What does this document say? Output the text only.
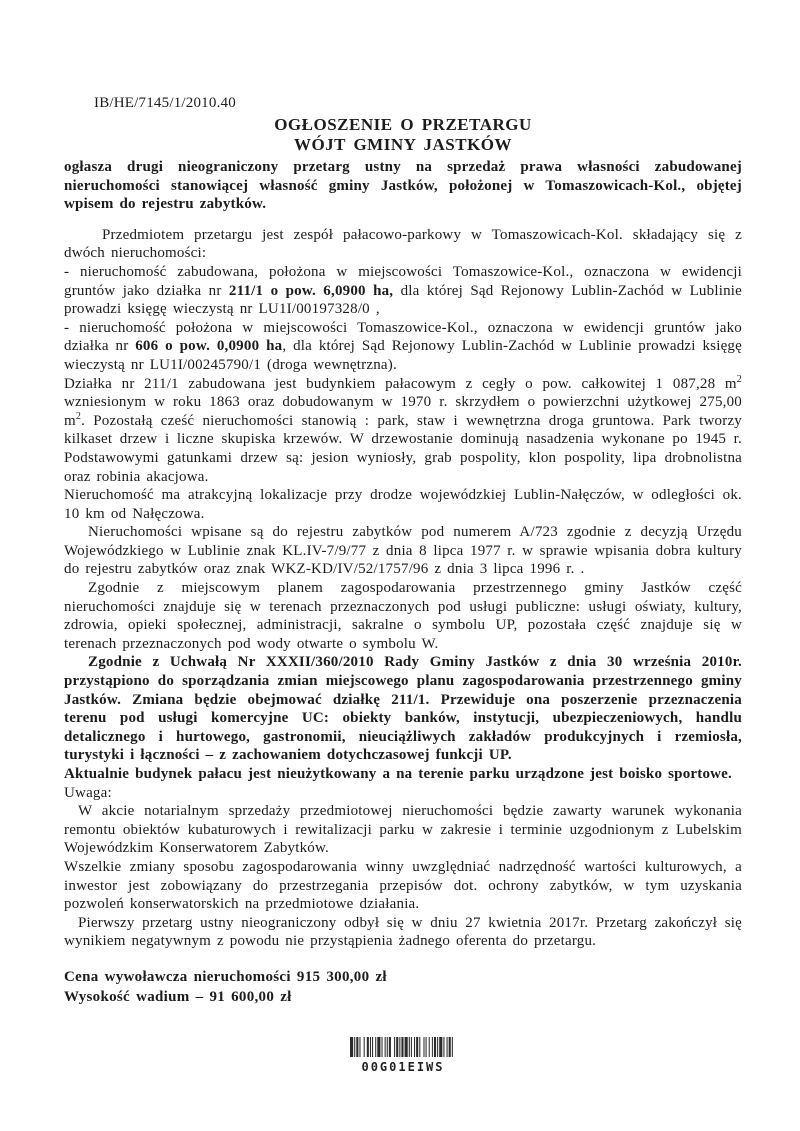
IB/HE/7145/1/2010.40
OGŁOSZENIE O PRZETARGU
WÓJT GMINY JASTKÓW

ogłasza drugi nieograniczony przetarg ustny na sprzedaż prawa własności zabudowanej nieruchomości stanowiącej własność gminy Jastków, położonej w Tomaszowicach-Kol., objętej wpisem do rejestru zabytków.

Przedmiotem przetargu jest zespół pałacowo-parkowy w Tomaszowicach-Kol. składający się z dwóch nieruchomości:

- nieruchomość zabudowana, położona w miejscowości Tomaszowice-Kol., oznaczona w ewidencji gruntów jako działka nr 211/1 o pow. 6,0900 ha, dla której Sąd Rejonowy Lublin-Zachód w Lublinie prowadzi księgę wieczystą nr LU1I/00197328/0 ,

- nieruchomość położona w miejscowości Tomaszowice-Kol., oznaczona w ewidencji gruntów jako działka nr 606 o pow. 0,0900 ha, dla której Sąd Rejonowy Lublin-Zachód w Lublinie prowadzi księgę wieczystą nr LU1I/00245790/1 (droga wewnętrzna).

Działka nr 211/1 zabudowana jest budynkiem pałacowym z cegły o pow. całkowitej 1 087,28 $m^2$ wzniesionym w roku 1863 oraz dobudowanym w 1970 r. skrzydłem o powierzchni użytkowej 275,00 $m^2$. Pozostałą cześć nieruchomości stanowią : park, staw i wewnętrzna droga gruntowa. Park tworzy kilkaset drzew i liczne skupiska krzewów. W drzewostanie dominują nasadzenia wykonane po 1945 r. Podstawowymi gatunkami drzew są: jesion wyniosły, grab pospolity, klon pospolity, lipa drobnolistna oraz robinia akacjowa.

Nieruchomość ma atrakcyjną lokalizacje przy drodze wojewódzkiej Lublin-Nałęczów, w odległości ok. 10 km od Nałęczowa.

Nieruchomości wpisane są do rejestru zabytków pod numerem A/723 zgodnie z decyzją Urzędu Wojewódzkiego w Lublinie znak KL.IV-7/9/77 z dnia 8 lipca 1977 r. w sprawie wpisania dobra kultury do rejestru zabytków oraz znak WKZ-KD/IV/52/1757/96 z dnia 3 lipca 1996 r. .

Zgodnie z miejscowym planem zagospodarowania przestrzennego gminy Jastków część nieruchomości znajduje się w terenach przeznaczonych pod usługi publiczne: usługi oświaty, kultury, zdrowia, opieki społecznej, administracji, sakralne o symbolu UP, pozostała część znajduje się w terenach przeznaczonych pod wody otwarte o symbolu W.

Zgodnie z Uchwałą Nr XXXII/360/2010 Rady Gminy Jastków z dnia 30 września 2010r. przystąpiono do sporządzania zmian miejscowego planu zagospodarowania przestrzennego gminy Jastków. Zmiana będzie obejmować działkę 211/1. Przewiduje ona poszerzenie przeznaczenia terenu pod usługi komercyjne UC: obiekty banków, instytucji, ubezpieczeniowych, handlu detalicznego i hurtowego, gastronomii, nieuciążliwych zakładów produkcyjnych i rzemiosła, turystyki i łączności – z zachowaniem dotychczasowej funkcji UP.

Aktualnie budynek pałacu jest nieużytkowany a na terenie parku urządzone jest boisko sportowe.

Uwaga:

W akcie notarialnym sprzedaży przedmiotowej nieruchomości będzie zawarty warunek wykonania remontu obiektów kubaturowych i rewitalizacji parku w zakresie i terminie uzgodnionym z Lubelskim Wojewódzkim Konserwatorem Zabytków.

Wszelkie zmiany sposobu zagospodarowania winny uwzględniać nadrzędność wartości kulturowych, a inwestor jest zobowiązany do przestrzegania przepisów dot. ochrony zabytków, w tym uzyskania pozwoleń konserwatorskich na przedmiotowe działania.

Pierwszy przetarg ustny nieograniczony odbył się w dniu 27 kwietnia 2017r. Przetarg zakończył się wynikiem negatywnym z powodu nie przystąpienia żadnego oferenta do przetargu.

Cena wywoławcza nieruchomości 915 300,00 zł

Wysokość wadium – 91 600,00 zł

00G01EIWS
